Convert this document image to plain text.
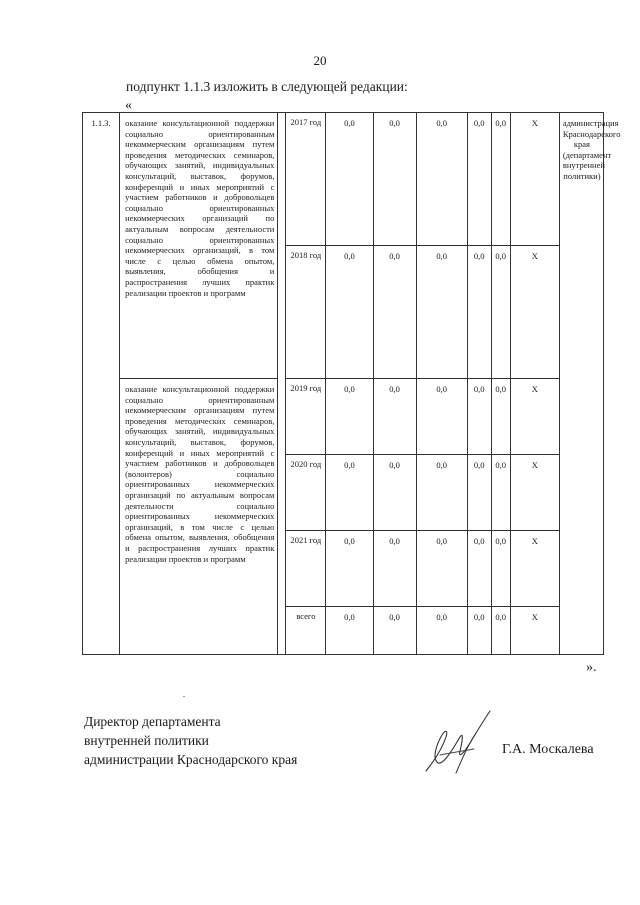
20
подпункт 1.1.3 изложить в следующей редакции:
«
1.1.3.	оказание консультационной поддержки социально ориентированным некоммерческим организациям путем проведения методических семинаров, обучающих занятий, индивидуальных консультаций, выставок, форумов, конференций и иных мероприятий с участием работников и добровольцев социально ориентированных некоммерческих организаций по актуальным вопросам деятельности социально ориентированных некоммерческих организаций, в том числе с целью обмена опытом, выявления, обобщения и распространения лучших практик реализации проектов и программ		2017 год	0,0	0,0	0,0	0,0	0,0	X	администрация Краснодарского края (департамент внутренней политики)
			2018 год	0,0	0,0	0,0	0,0	0,0	X	
	оказание консультационной поддержки социально ориентированным некоммерческим организациям путем проведения методических семинаров, обучающих занятий, индивидуальных консультаций, выставок, форумов, конференций и иных мероприятий с участием работников и добровольцев (волонтеров) социально ориентированных некоммерческих организаций по актуальным вопросам деятельности социально ориентированных некоммерческих организаций, в том числе с целью обмена опытом, выявления, обобщения и распространения лучших практик реализации проектов и программ		2019 год	0,0	0,0	0,0	0,0	0,0	X	
			2020 год	0,0	0,0	0,0	0,0	0,0	X	
			2021 год	0,0	0,0	0,0	0,0	0,0	X	
			всего	0,0	0,0	0,0	0,0	0,0	X	
».
Директор департамента
внутренней политики
администрации Краснодарского края
Г.А. Москалева
